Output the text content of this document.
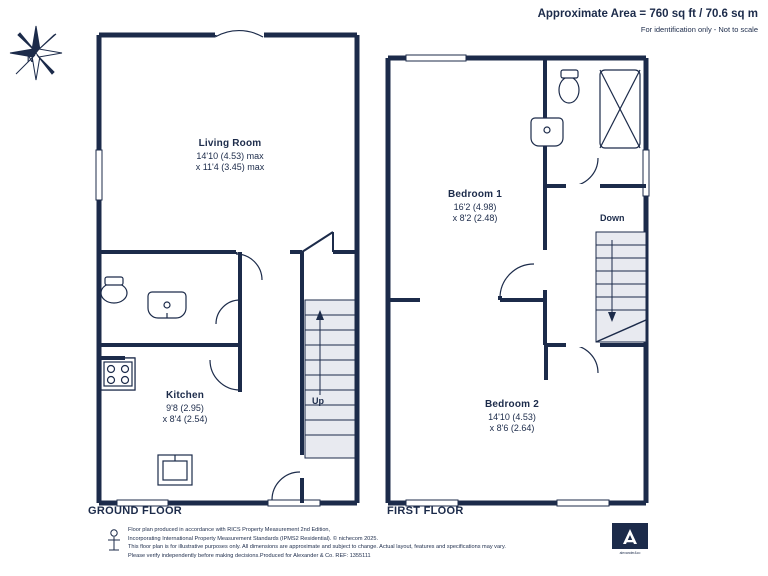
Approximate Area = 760 sq ft / 70.6 sq m
For identification only - Not to scale
N
Living Room
14'10 (4.53) max
x 11'4 (3.45) max
Kitchen
9'8 (2.95)
x 8'4 (2.54)
Up
GROUND FLOOR
Bedroom 1
16'2 (4.98)
x 8'2 (2.48)
Bedroom 2
14'10 (4.53)
x 8'6 (2.64)
Down
FIRST FLOOR
Floor plan produced in accordance with RICS Property Measurement 2nd Edition,
Incorporating International Property Measurement Standards (IPMS2 Residential). © nichecom 2025.
This floor plan is for illustrative purposes only. All dimensions are approximate and subject to change. Actual layout, features and specifications may vary.
Please verify independently before making decisions.Produced for Alexander & Co. REF: 1355111	alexander&co
